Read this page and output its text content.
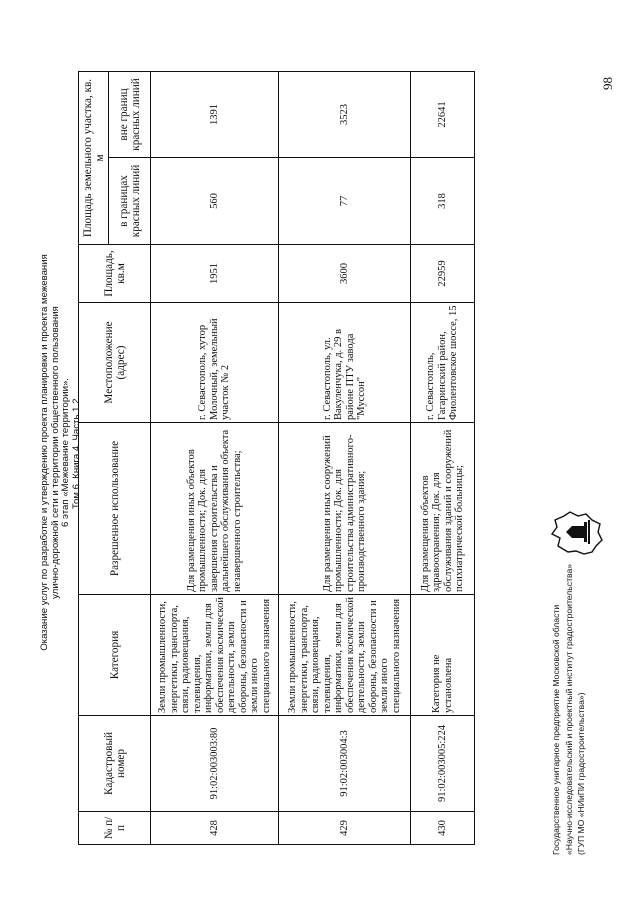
Оказание услуг по разработке и утверждению проекта планировки и проекта межевания улично-дорожной сети и территории общественного пользования 6 этап «Межевание территории». Том 6. Книга 4. Часть 1.2.
98
№ п/п	Кадастровый номер	Категория	Разрешенное использование	Местоположение (адрес)	Площадь, кв.м	Площадь земельного участка, кв. м	
						в границах красных линий	вне границ красных линий
428	91:02:003003:80	Земли промышленности, энергетики, транспорта, связи, радиовещания, телевидения, информатики, земли для обеспечения космической деятельности, земли обороны, безопасности и земли иного специального назначения	Для размещения иных объектов промышленности; Док. для завершения строительства и дальнейшего обслуживания объекта незавершенного строительства;	г. Севастополь, хутор Молочный, земельный участок № 2	1951	560	1391
429	91:02:003004:3	Земли промышленности, энергетики, транспорта, связи, радиовещания, телевидения, информатики, земли для обеспечения космической деятельности, земли обороны, безопасности и земли иного специального назначения	Для размещения иных сооружений промышленности; Док. для строительства административного-производственного здания;	г. Севастополь, ул. Вакуленчука, д. 29 в районе ПТУ завода "Муссон"	3600	77	3523
430	91:02:003005:224	Категория не установлена	Для размещения объектов здравоохранения; Док. для обслуживания зданий и сооружений психиатрической больницы;	г. Севастополь, Гагаринский район, Фиолентовское шоссе, 15	22959	318	22641
Государственное унитарное предприятие Московской области «Научно-исследовательский и проектный институт градостроительства» (ГУП МО «НИиПИ градостроительства»)
